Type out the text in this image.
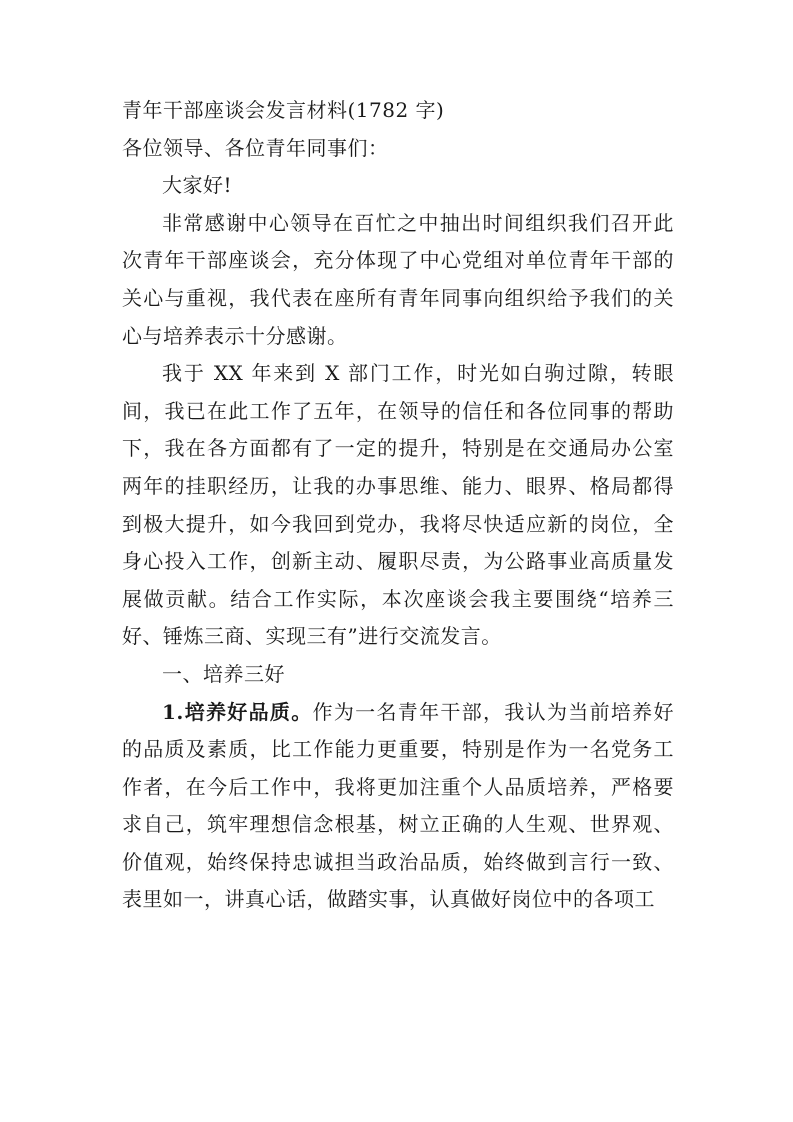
青年干部座谈会发言材料(1782 字)

各位领导、各位青年同事们：

大家好!

非常感谢中心领导在百忙之中抽出时间组织我们召开此次青年干部座谈会，充分体现了中心党组对单位青年干部的关心与重视，我代表在座所有青年同事向组织给予我们的关心与培养表示十分感谢。

我于 XX 年来到 X 部门工作，时光如白驹过隙，转眼间，我已在此工作了五年，在领导的信任和各位同事的帮助下，我在各方面都有了一定的提升，特别是在交通局办公室两年的挂职经历，让我的办事思维、能力、眼界、格局都得到极大提升，如今我回到党办，我将尽快适应新的岗位，全身心投入工作，创新主动、履职尽责，为公路事业高质量发展做贡献。结合工作实际，本次座谈会我主要围绕“培养三好、锤炼三商、实现三有”进行交流发言。

一、培养三好

1.培养好品质。作为一名青年干部，我认为当前培养好的品质及素质，比工作能力更重要，特别是作为一名党务工作者，在今后工作中，我将更加注重个人品质培养，严格要求自己，筑牢理想信念根基，树立正确的人生观、世界观、价值观，始终保持忠诚担当政治品质，始终做到言行一致、表里如一，讲真心话，做踏实事，认真做好岗位中的各项工
